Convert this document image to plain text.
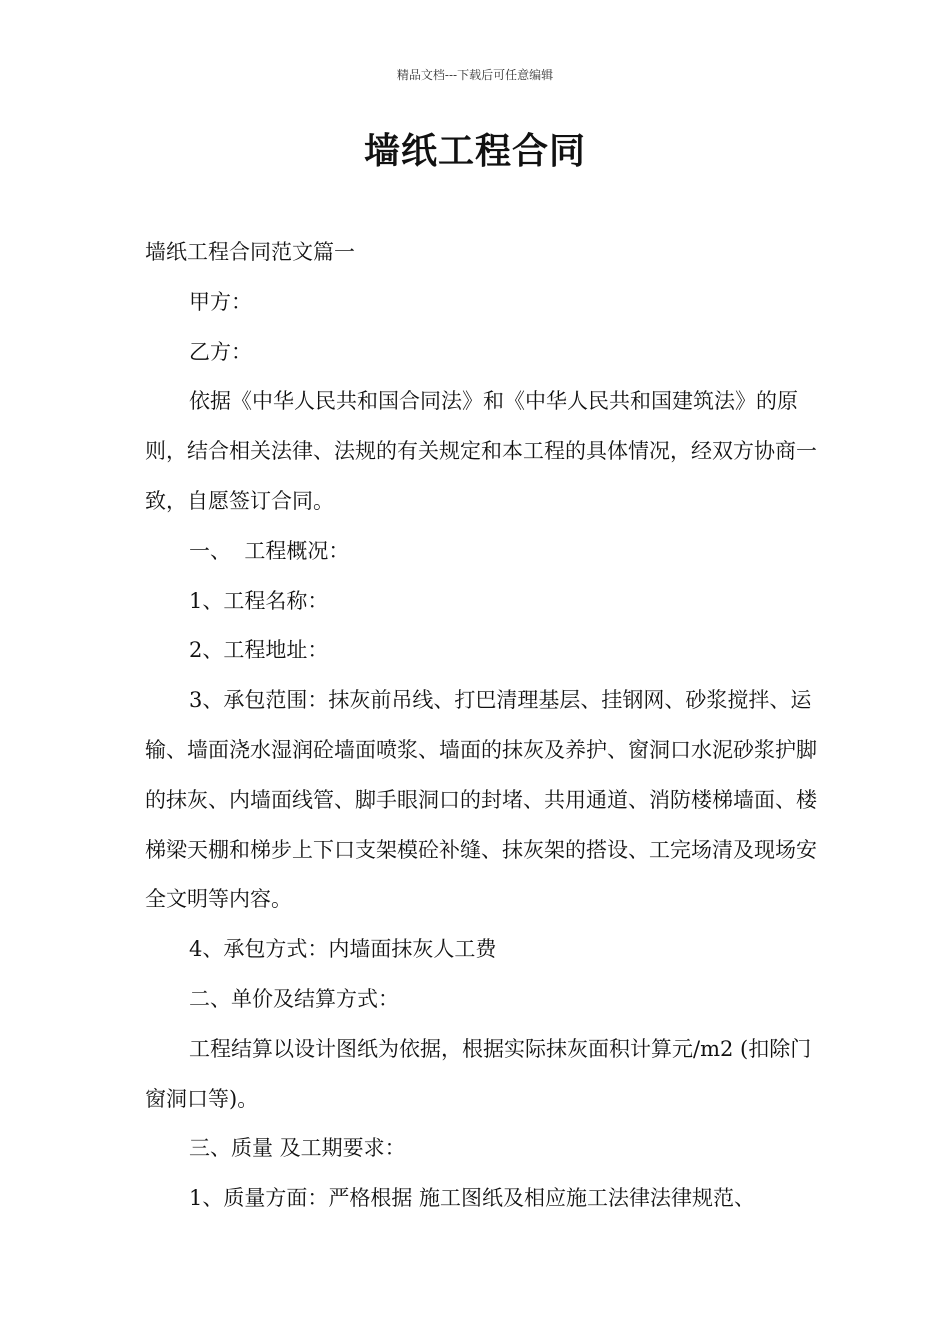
精品文档---下载后可任意编辑
墙纸工程合同

墙纸工程合同范文篇一

甲方：

乙方：

依据《中华人民共和国合同法》和《中华人民共和国建筑法》的原则，结合相关法律、法规的有关规定和本工程的具体情况，经双方协商一致，自愿签订合同。

一、  工程概况：

1、工程名称：

2、工程地址：

3、承包范围：抹灰前吊线、打巴清理基层、挂钢网、砂浆搅拌、运输、墙面浇水湿润砼墙面喷浆、墙面的抹灰及养护、窗洞口水泥砂浆护脚的抹灰、内墙面线管、脚手眼洞口的封堵、共用通道、消防楼梯墙面、楼梯梁天棚和梯步上下口支架模砼补缝、抹灰架的搭设、工完场清及现场安全文明等内容。

4、承包方式：内墙面抹灰人工费

二、单价及结算方式：

工程结算以设计图纸为依据，根据实际抹灰面积计算元/m2 (扣除门窗洞口等)。

三、质量 及工期要求：

1、质量方面：严格根据 施工图纸及相应施工法律法律规范、
